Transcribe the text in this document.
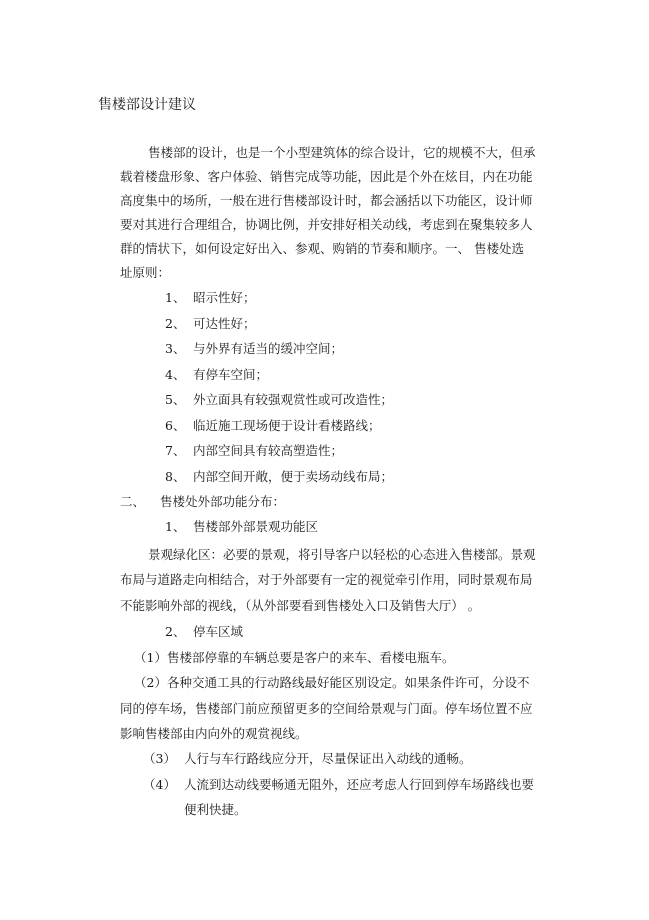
售楼部设计建议
售楼部的设计，也是一个小型建筑体的综合设计，它的规模不大，但承
载着楼盘形象、客户体验、销售完成等功能，因此是个外在炫目，内在功能
高度集中的场所，一般在进行售楼部设计时，都会涵括以下功能区，设计师
要对其进行合理组合，协调比例，并安排好相关动线，考虑到在聚集较多人
群的情状下，如何设定好出入、参观、购销的节奏和顺序。一、 售楼处选
址原则：
1、 昭示性好；
2、 可达性好；
3、 与外界有适当的缓冲空间；
4、 有停车空间；
5、 外立面具有较强观赏性或可改造性；
6、 临近施工现场便于设计看楼路线；
7、 内部空间具有较高塑造性；
8、 内部空间开敞，便于卖场动线布局；
二、 售楼处外部功能分布：
1、 售楼部外部景观功能区
景观绿化区：必要的景观，将引导客户以轻松的心态进入售楼部。景观
布局与道路走向相结合，对于外部要有一定的视觉牵引作用，同时景观布局
不能影响外部的视线，（从外部要看到售楼处入口及销售大厅） 。
2、 停车区域
（1）售楼部停靠的车辆总要是客户的来车、看楼电瓶车。
（2）各种交通工具的行动路线最好能区别设定。如果条件许可，分设不
同的停车场，售楼部门前应预留更多的空间给景观与门面。停车场位置不应
影响售楼部由内向外的观赏视线。
（3） 人行与车行路线应分开，尽量保证出入动线的通畅。
（4） 人流到达动线要畅通无阻外，还应考虑人行回到停车场路线也要
便利快捷。
